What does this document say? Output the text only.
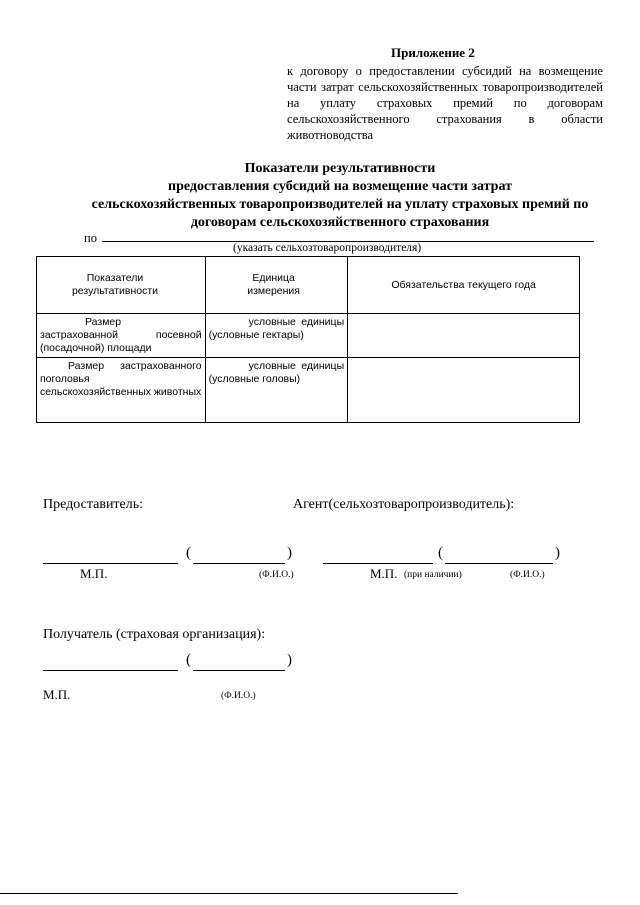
Приложение 2
к договору о предоставлении субсидий на возмещение части затрат сельскохозяйственных товаропроизводителей на уплату страховых премий по договорам сельскохозяйственного страхования в области животноводства
Показатели результативности
предоставления субсидий на возмещение части затрат
сельскохозяйственных товаропроизводителей на уплату страховых премий по
договорам сельскохозяйственного страхования
по
(указать сельхозтоваропроизводителя)
Показатели результативности	Единица измерения	Обязательства текущего года

Размер застрахованной посевной (посадочной) площади	условные единицы (условные гектары)	

Размер застрахованного поголовья сельскохозяйственных животных	условные единицы (условные головы)	

Предоставитель:	Агент(сельхозтоваропроизводитель):
(	)
М.П.	(Ф.И.О.)
(	)
М.П. (при наличии)	(Ф.И.О.)
Получатель (страховая организация):
(	)
М.П.	(Ф.И.О.)
